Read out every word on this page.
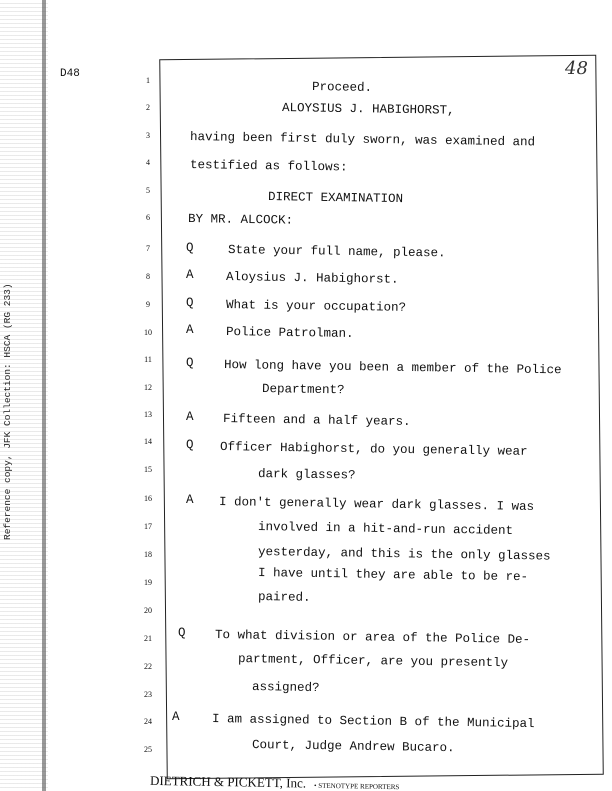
Reference copy, JFK Collection: HSCA (RG 233)
D48	48
1	Proceed.
2	ALOYSIUS J. HABIGHORST,
3	having been first duly sworn, was examined and
4	testified as follows:
5	DIRECT EXAMINATION
6	BY MR. ALCOCK:
7	Q	State your full name, please.
8	A	Aloysius J. Habighorst.
9	Q	What is your occupation?
10	A	Police Patrolman.
11	Q How long have you been a member of the Police
12	Department?
13	A Fifteen and a half years.
14	Q Officer Habighorst, do you generally wear
15	dark glasses?
16	A I don't generally wear dark glasses. I was
17	involved in a hit-and-run accident
18	yesterday, and this is the only glasses
19	I have until they are able to be re-
20
paired.
21	Q To what division or area of the Police De-
22	partment, Officer, are you presently
23	assigned?
24	A	I am assigned to Section B of the Municipal
25	Court, Judge Andrew Bucaro.
DIETRICH & PICKETT, Inc. • STENOTYPE REPORTERS
